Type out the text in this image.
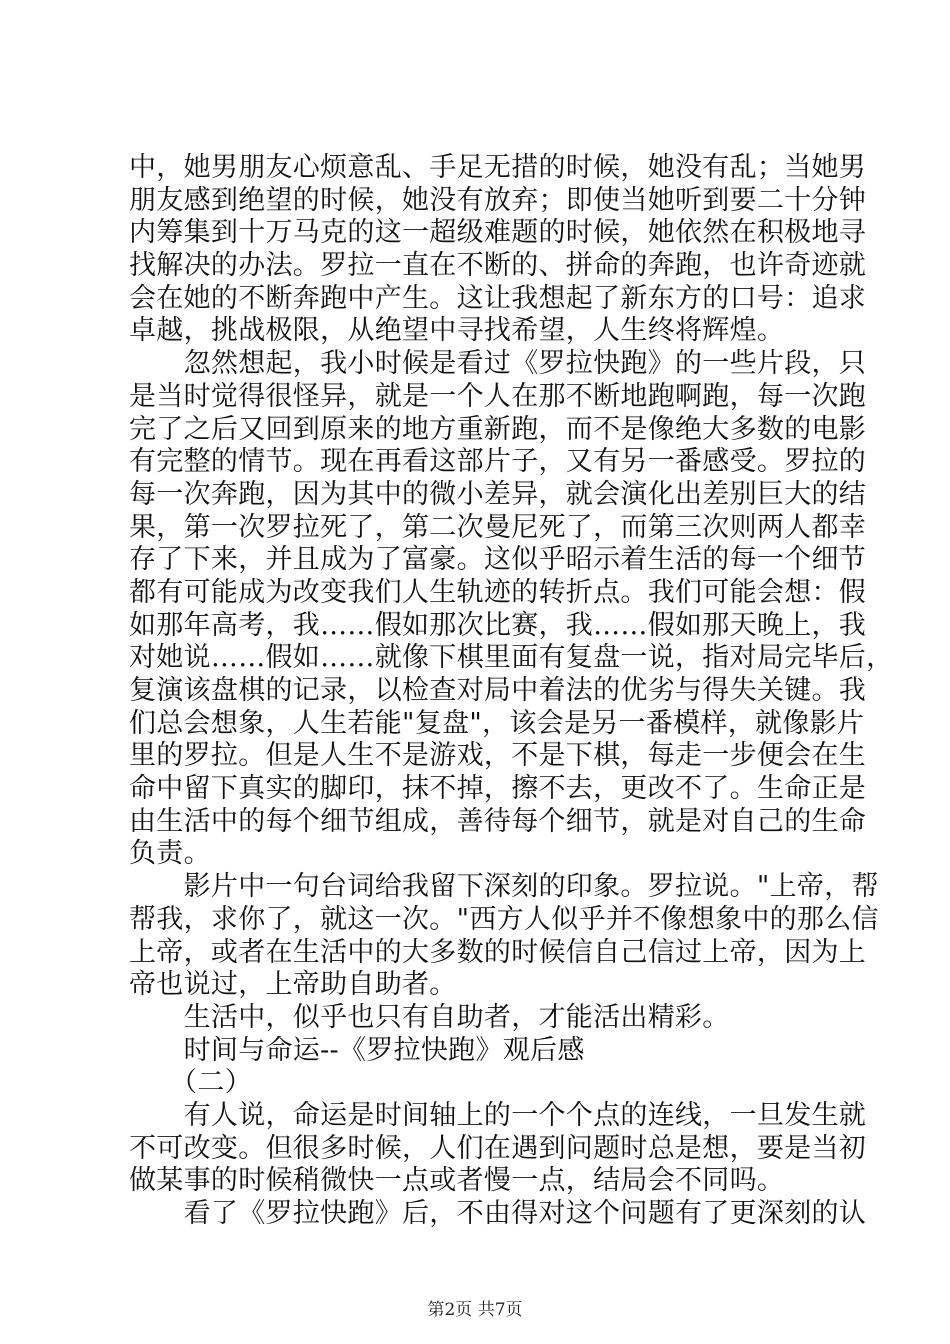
中，她男朋友心烦意乱、手足无措的时候，她没有乱；当她男
朋友感到绝望的时候，她没有放弃；即使当她听到要二十分钟
内筹集到十万马克的这一超级难题的时候，她依然在积极地寻
找解决的办法。罗拉一直在不断的、拼命的奔跑，也许奇迹就
会在她的不断奔跑中产生。这让我想起了新东方的口号：追求
卓越，挑战极限，从绝望中寻找希望，人生终将辉煌。
　　忽然想起，我小时候是看过《罗拉快跑》的一些片段，只
是当时觉得很怪异，就是一个人在那不断地跑啊跑，每一次跑
完了之后又回到原来的地方重新跑，而不是像绝大多数的电影
有完整的情节。现在再看这部片子，又有另一番感受。罗拉的
每一次奔跑，因为其中的微小差异，就会演化出差别巨大的结
果，第一次罗拉死了，第二次曼尼死了，而第三次则两人都幸
存了下来，并且成为了富豪。这似乎昭示着生活的每一个细节
都有可能成为改变我们人生轨迹的转折点。我们可能会想：假
如那年高考，我……假如那次比赛，我……假如那天晚上，我
对她说……假如……就像下棋里面有复盘一说，指对局完毕后，
复演该盘棋的记录，以检查对局中着法的优劣与得失关键。我
们总会想象，人生若能"复盘"，该会是另一番模样，就像影片
里的罗拉。但是人生不是游戏，不是下棋，每走一步便会在生
命中留下真实的脚印，抹不掉，擦不去，更改不了。生命正是
由生活中的每个细节组成，善待每个细节，就是对自己的生命
负责。
　　影片中一句台词给我留下深刻的印象。罗拉说。"上帝，帮
帮我，求你了，就这一次。"西方人似乎并不像想象中的那么信
上帝，或者在生活中的大多数的时候信自己信过上帝，因为上
帝也说过，上帝助自助者。
　　生活中，似乎也只有自助者，才能活出精彩。
　　时间与命运--《罗拉快跑》观后感
　　（二）
　　有人说，命运是时间轴上的一个个点的连线，一旦发生就
不可改变。但很多时候，人们在遇到问题时总是想，要是当初
做某事的时候稍微快一点或者慢一点，结局会不同吗。
　　看了《罗拉快跑》后，不由得对这个问题有了更深刻的认
第2页 共7页
